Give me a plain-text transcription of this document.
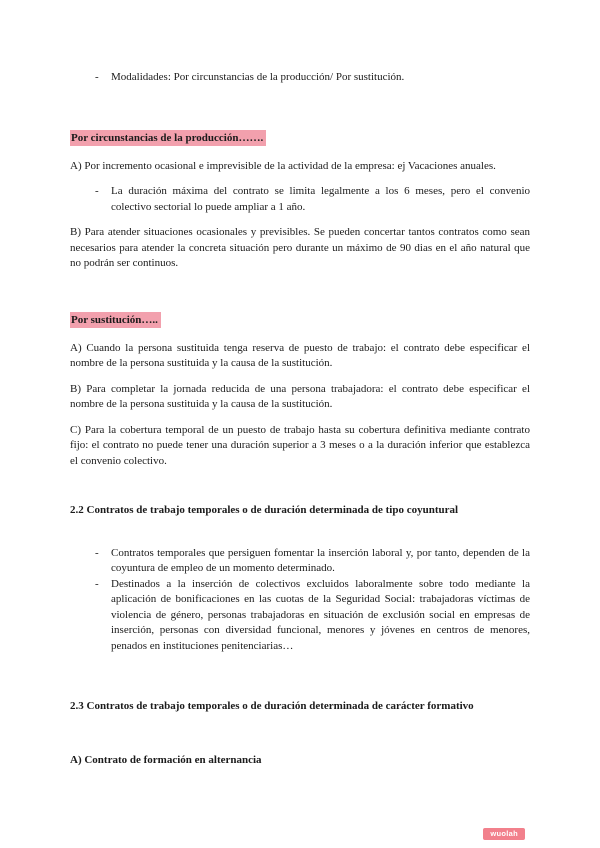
-	Modalidades: Por circunstancias de la producción/ Por sustitución.
Por circunstancias de la producción…….

A) Por incremento ocasional e imprevisible de la actividad de la empresa: ej Vacaciones anuales.

-	La duración máxima del contrato se limita legalmente a los 6 meses, pero el convenio colectivo sectorial lo puede ampliar a 1 año.

B) Para atender situaciones ocasionales y previsibles. Se pueden concertar tantos contratos como sean necesarios para atender la concreta situación pero durante un máximo de 90 dias en el año natural que no podrán ser continuos.

Por sustitución…..

A) Cuando la persona sustituida tenga reserva de puesto de trabajo: el contrato debe especificar el nombre de la persona sustituida y la causa de la sustitución.

B) Para completar la jornada reducida de una persona trabajadora: el contrato debe especificar el nombre de la persona sustituida y la causa de la sustitución.

C) Para la cobertura temporal de un puesto de trabajo hasta su cobertura definitiva mediante contrato fijo: el contrato no puede tener una duración superior a 3 meses o a la duración inferior que establezca el convenio colectivo.

2.2 Contratos de trabajo temporales o de duración determinada de tipo coyuntural

-	Contratos temporales que persiguen fomentar la inserción laboral y, por tanto, dependen de la coyuntura de empleo de un momento determinado.
-	Destinados a la inserción de colectivos excluidos laboralmente sobre todo mediante la aplicación de bonificaciones en las cuotas de la Seguridad Social: trabajadoras víctimas de violencia de género, personas trabajadoras en situación de exclusión social en empresas de inserción, personas con diversidad funcional, menores y jóvenes en centros de menores, penados en instituciones penitenciarias…

2.3 Contratos de trabajo temporales o de duración determinada de carácter formativo

A) Contrato de formación en alternancia

wuolah
